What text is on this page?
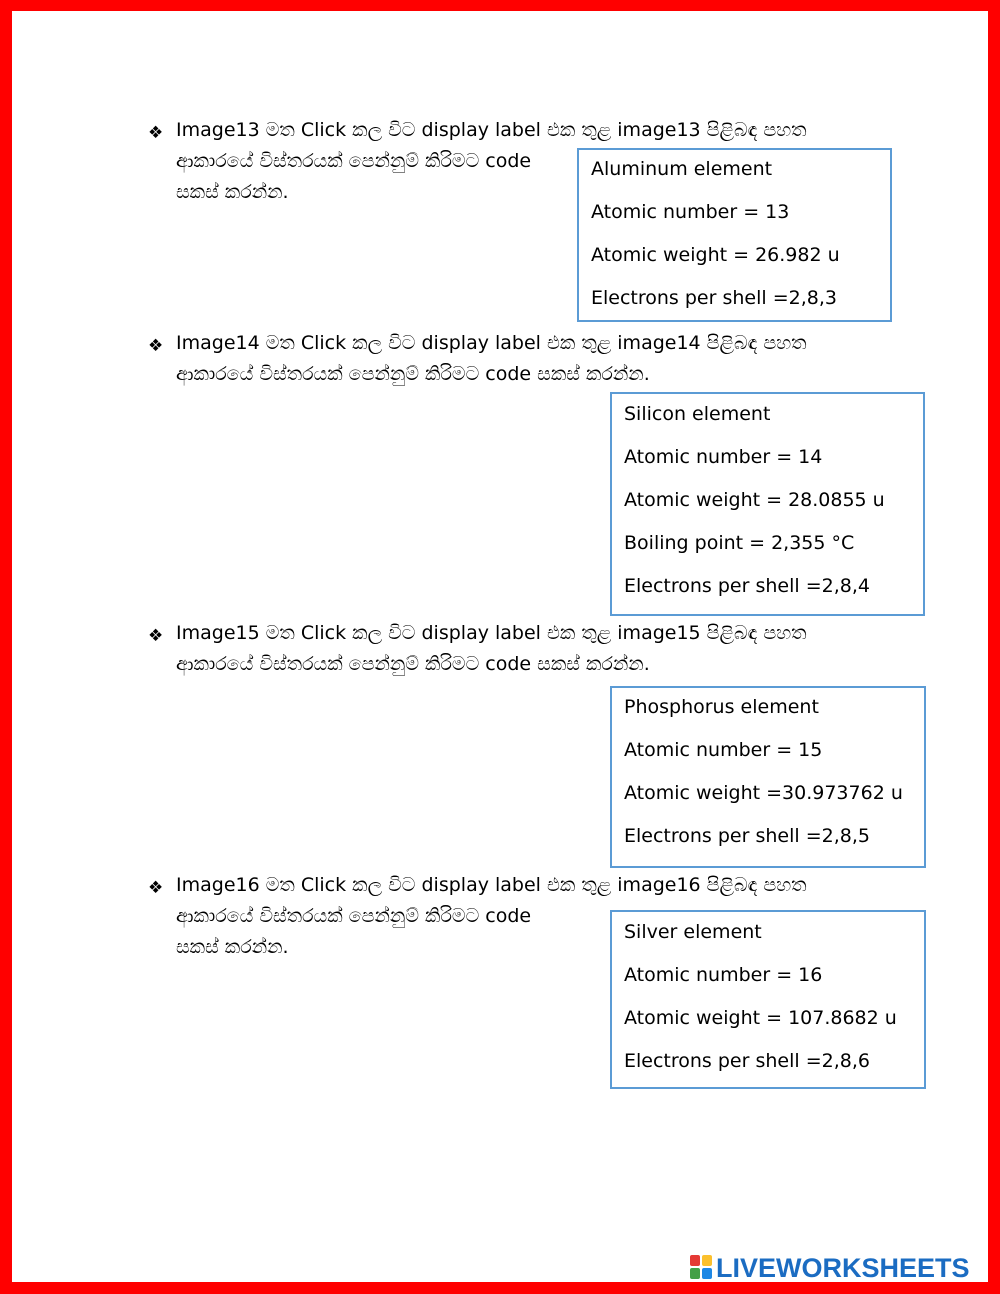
❖ Image13 මත Click කල විට display label එක තුළ image13 පිළිබඳ පහත
ආකාරයේ විස්තරයක් පෙන්නුම් කිරිමට code
සකස් කරන්න.
Aluminum element
Atomic number = 13
Atomic weight = 26.982 u
Electrons per shell =2,8,3
❖ Image14 මත Click කල විට display label එක තුළ image14 පිළිබඳ පහත
ආකාරයේ විස්තරයක් පෙන්නුම් කිරිමට code සකස් කරන්න.
Silicon element
Atomic number = 14
Atomic weight = 28.0855 u
Boiling point = 2,355 °C
Electrons per shell =2,8,4
❖ Image15 මත Click කල විට display label එක තුළ image15 පිළිබඳ පහත
ආකාරයේ විස්තරයක් පෙන්නුම් කිරිමට code සකස් කරන්න.
Phosphorus element
Atomic number = 15
Atomic weight =30.973762 u
Electrons per shell =2,8,5
❖ Image16 මත Click කල විට display label එක තුළ image16 පිළිබඳ පහත
ආකාරයේ විස්තරයක් පෙන්නුම් කිරිමට code
සකස් කරන්න.
Silver element
Atomic number = 16
Atomic weight = 107.8682 u
Electrons per shell =2,8,6
LIVEWORKSHEETS
